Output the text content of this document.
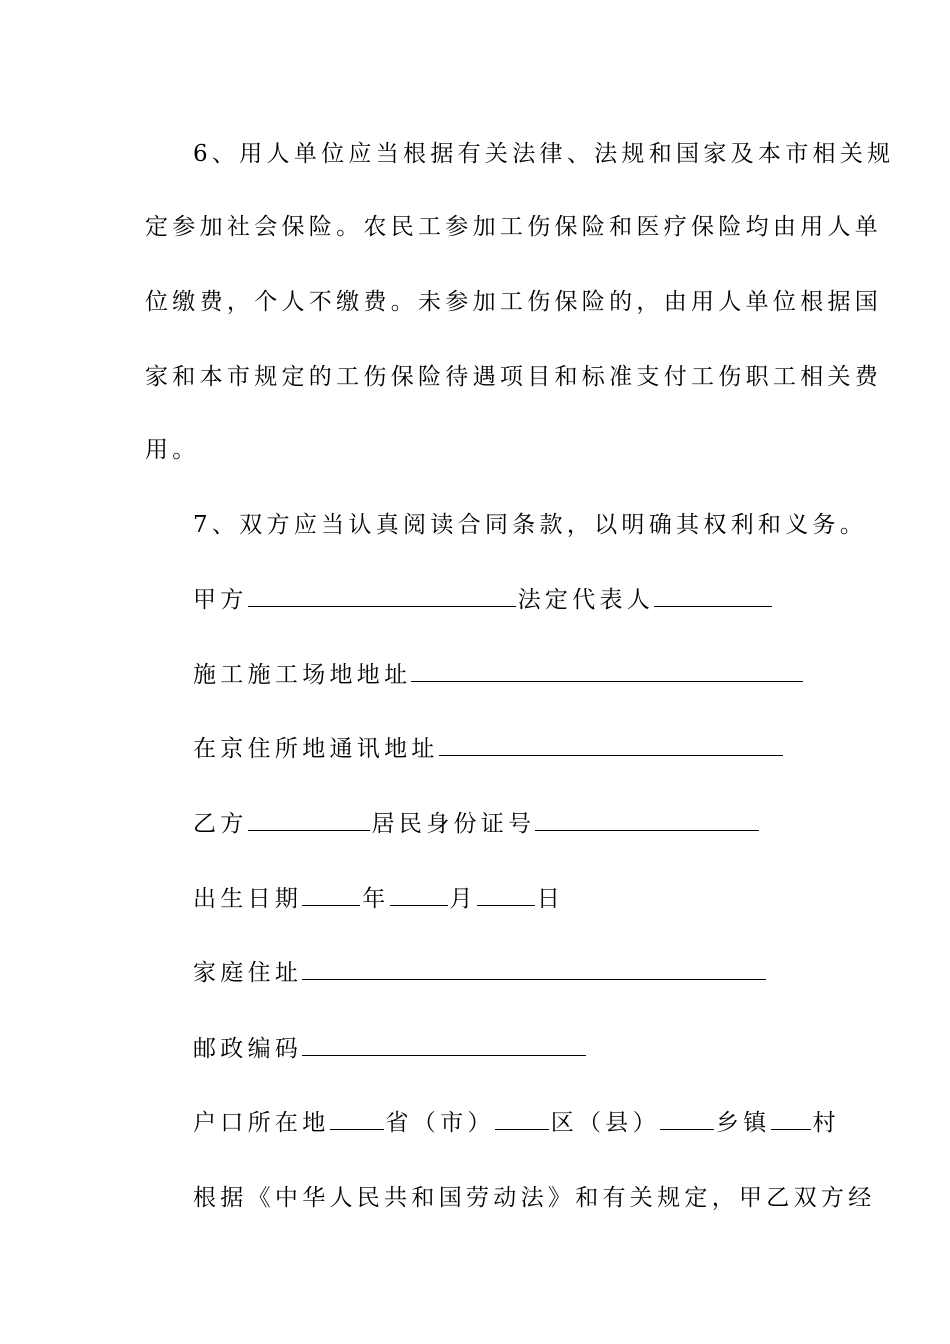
6、用人单位应当根据有关法律、法规和国家及本市相关规
定参加社会保险。农民工参加工伤保险和医疗保险均由用人单
位缴费，个人不缴费。未参加工伤保险的，由用人单位根据国
家和本市规定的工伤保险待遇项目和标准支付工伤职工相关费
用。
7、双方应当认真阅读合同条款，以明确其权利和义务。
甲方	法定代表人
施工施工场地地址
在京住所地通讯地址
乙方	居民身份证号
出生日期	年	月	日
家庭住址
邮政编码
户口所在地 省（市） 区（县） 乡镇 村
根据《中华人民共和国劳动法》和有关规定，甲乙双方经
